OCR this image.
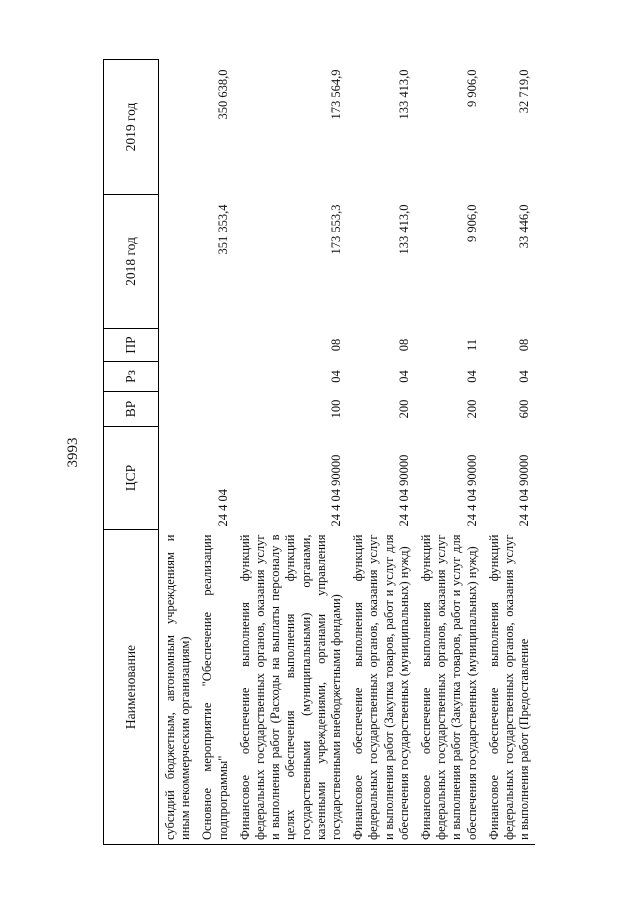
3993
Наименование	ЦСР	ВР	Рз	ПР	2018 год	2019 год
субсидий бюджетным, автономным учреждениям и иным некоммерческим организациям)						
Основное мероприятие "Обеспечение реализации подпрограммы"	24 4 04				351 353,4	350 638,0
Финансовое обеспечение выполнения функций федеральных государственных органов, оказания услуг и выполнения работ (Расходы на выплаты персоналу в целях обеспечения выполнения функций государственными (муниципальными) органами, казенными учреждениями, органами управления государственными внебюджетными фондами)	24 4 04 90000	100	04	08	173 553,3	173 564,9
Финансовое обеспечение выполнения функций федеральных государственных органов, оказания услуг и выполнения работ (Закупка товаров, работ и услуг для обеспечения государственных (муниципальных) нужд)	24 4 04 90000	200	04	08	133 413,0	133 413,0
Финансовое обеспечение выполнения функций федеральных государственных органов, оказания услуг и выполнения работ (Закупка товаров, работ и услуг для обеспечения государственных (муниципальных) нужд)	24 4 04 90000	200	04	11	9 906,0	9 906,0
Финансовое обеспечение выполнения функций федеральных государственных органов, оказания услуг и выполнения работ (Предоставление	24 4 04 90000	600	04	08	33 446,0	32 719,0
